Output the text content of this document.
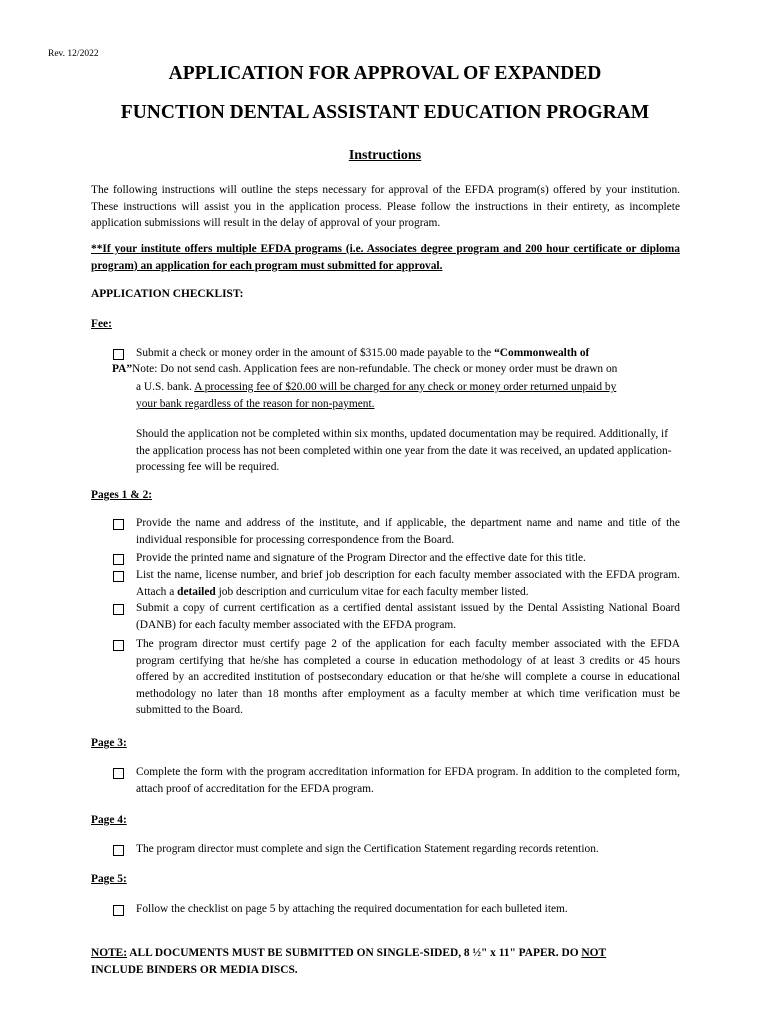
Rev. 12/2022
APPLICATION FOR APPROVAL OF EXPANDED
FUNCTION DENTAL ASSISTANT EDUCATION PROGRAM
Instructions
The following instructions will outline the steps necessary for approval of the EFDA program(s) offered by your institution. These instructions will assist you in the application process. Please follow the instructions in their entirety, as incomplete application submissions will result in the delay of approval of your program.
**If your institute offers multiple EFDA programs (i.e. Associates degree program and 200 hour certificate or diploma program) an application for each program must submitted for approval.
APPLICATION CHECKLIST:
Fee:
Submit a check or money order in the amount of $315.00 made payable to the “Commonwealth of
PA”Note: Do not send cash. Application fees are non-refundable. The check or money order must be drawn on
a U.S. bank. A processing fee of $20.00 will be charged for any check or money order returned unpaid by
your bank regardless of the reason for non-payment.
Should the application not be completed within six months, updated documentation may be required. Additionally, if the application process has not been completed within one year from the date it was received, an updated application-processing fee will be required.
Pages 1 & 2:
Provide the name and address of the institute, and if applicable, the department name and name and title of the individual responsible for processing correspondence from the Board.
Provide the printed name and signature of the Program Director and the effective date for this title.
List the name, license number, and brief job description for each faculty member associated with the EFDA program. Attach a detailed job description and curriculum vitae for each faculty member listed.
Submit a copy of current certification as a certified dental assistant issued by the Dental Assisting National Board (DANB) for each faculty member associated with the EFDA program.
The program director must certify page 2 of the application for each faculty member associated with the EFDA program certifying that he/she has completed a course in education methodology of at least 3 credits or 45 hours offered by an accredited institution of postsecondary education or that he/she will complete a course in educational methodology no later than 18 months after employment as a faculty member at which time verification must be submitted to the Board.
Page 3:
Complete the form with the program accreditation information for EFDA program. In addition to the completed form, attach proof of accreditation for the EFDA program.
Page 4:
The program director must complete and sign the Certification Statement regarding records retention.
Page 5:
Follow the checklist on page 5 by attaching the required documentation for each bulleted item.
NOTE: ALL DOCUMENTS MUST BE SUBMITTED ON SINGLE-SIDED, 8 ½" x 11" PAPER. DO NOT
INCLUDE BINDERS OR MEDIA DISCS.
